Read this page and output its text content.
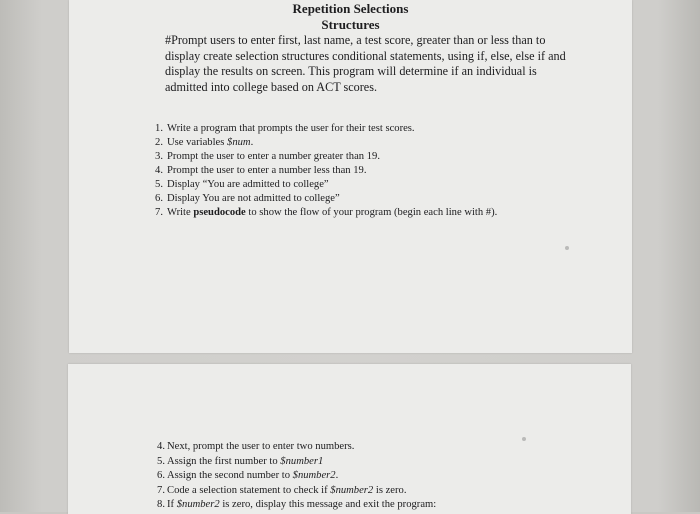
Repetition Selections
Structures
#Prompt users to enter first, last name, a test score, greater than or less than to display create selection structures conditional statements, using if, else, else if and display the results on screen. This program will determine if an individual is admitted into college based on ACT scores.
1. Write a program that prompts the user for their test scores.
2. Use variables $num.
3. Prompt the user to enter a number greater than 19.
4. Prompt the user to enter a number less than 19.
5. Display “You are admitted to college”
6. Display You are not admitted to college”
7. Write pseudocode to show the flow of your program (begin each line with #).
4. Next, prompt the user to enter two numbers.
5. Assign the first number to $number1
6. Assign the second number to $number2.
7. Code a selection statement to check if $number2 is zero.
8. If $number2 is zero, display this message and exit the program:
